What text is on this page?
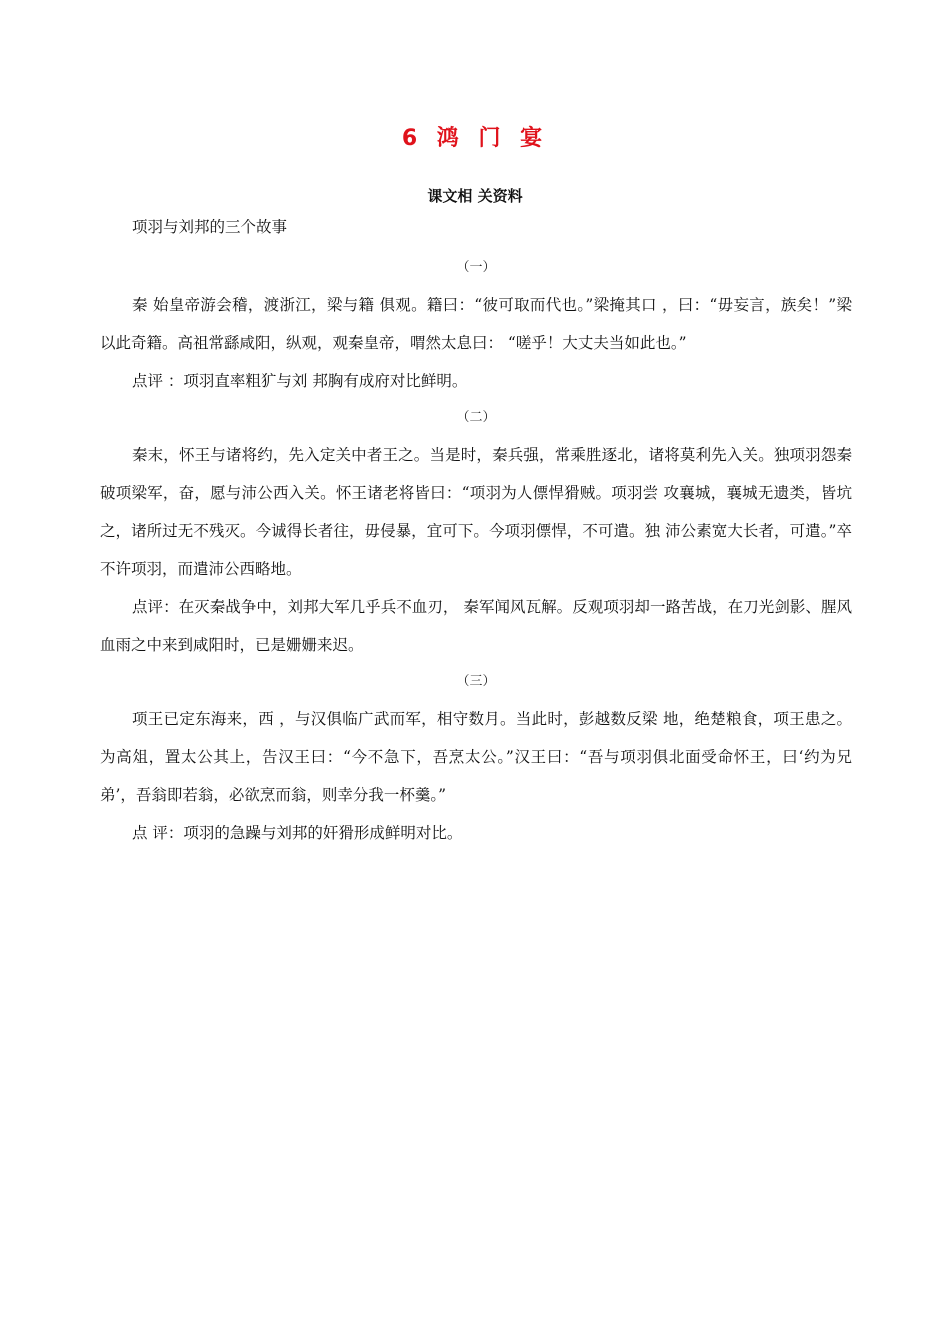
6 鸿 门 宴
课文相 关资料
项羽与刘邦的三个故事

（一）

秦 始皇帝游会稽，渡浙江，梁与籍 俱观。籍曰：“彼可取而代也。”梁掩其口 ，曰：“毋妄言，族矣！”梁以此奇籍。高祖常繇咸阳，纵观，观秦皇帝，喟然太息曰： “嗟乎！大丈夫当如此也。”

点评 ：项羽直率粗犷与刘 邦胸有成府对比鲜明。

（二）

秦末，怀王与诸将约，先入定关中者王之。当是时，秦兵强，常乘胜逐北，诸将莫利先入关。独项羽怨秦破项梁军，奋，愿与沛公西入关。怀王诸老将皆曰：“项羽为人僄悍猾贼。项羽尝 攻襄城，襄城无遗类，皆坑之，诸所过无不残灭。今诚得长者往，毋侵暴，宜可下。今项羽僄悍，不可遣。独 沛公素宽大长者，可遣。”卒不许项羽，而遣沛公西略地。

点评：在灭秦战争中，刘邦大军几乎兵不血刃， 秦军闻风瓦解。反观项羽却一路苦战，在刀光剑影、腥风血雨之中来到咸阳时，已是姗姗来迟。

（三）

项王已定东海来，西 ，与汉俱临广武而军，相守数月。当此时，彭越数反梁 地，绝楚粮食，项王患之。为高俎，置太公其上，告汉王曰：“今不急下，吾烹太公。”汉王曰：“吾与项羽俱北面受命怀王，曰‘约为兄弟’，吾翁即若翁，必欲烹而翁，则幸分我一杯羹。”

点 评：项羽的急躁与刘邦的奸猾形成鲜明对比。
